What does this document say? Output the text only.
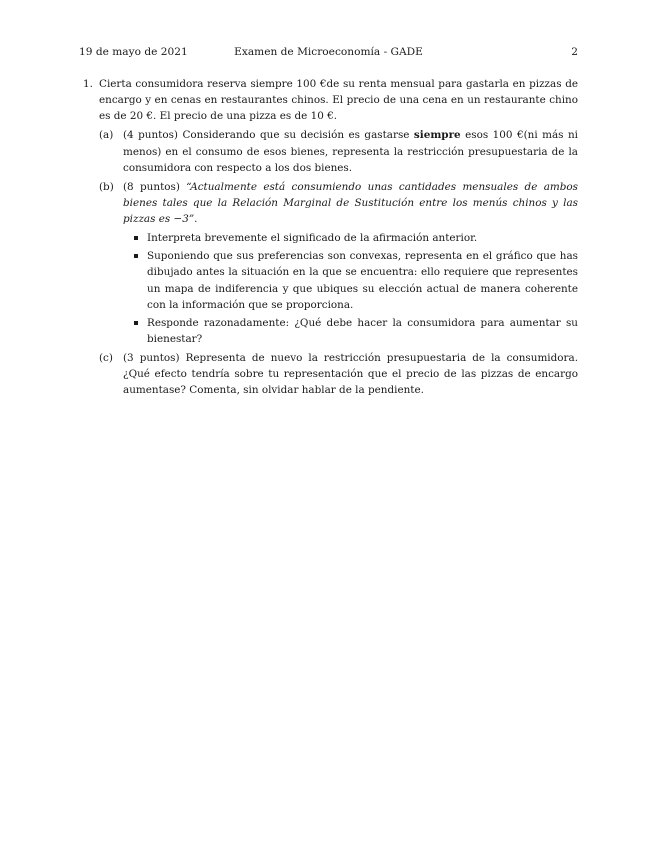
19 de mayo de 2021	Examen de Microeconomía - GADE	2
1. Cierta consumidora reserva siempre 100 €de su renta mensual para gastarla en pizzas de encargo y en cenas en restaurantes chinos. El precio de una cena en un restaurante chino es de 20 €. El precio de una pizza es de 10 €.
(a) (4 puntos) Considerando que su decisión es gastarse siempre esos 100 €(ni más ni menos) en el consumo de esos bienes, representa la restricción presupuestaria de la consumidora con respecto a los dos bienes.
(b) (8 puntos) “Actualmente está consumiendo unas cantidades mensuales de ambos bienes tales que la Relación Marginal de Sustitución entre los menús chinos y las pizzas es −3”.
Interpreta brevemente el significado de la afirmación anterior.
Suponiendo que sus preferencias son convexas, representa en el gráfico que has dibujado antes la situación en la que se encuentra: ello requiere que representes un mapa de indiferencia y que ubiques su elección actual de manera coherente con la información que se proporciona.
Responde razonadamente: ¿Qué debe hacer la consumidora para aumentar su bienestar?
(c) (3 puntos) Representa de nuevo la restricción presupuestaria de la consumidora. ¿Qué efecto tendría sobre tu representación que el precio de las pizzas de encargo aumentase? Comenta, sin olvidar hablar de la pendiente.
